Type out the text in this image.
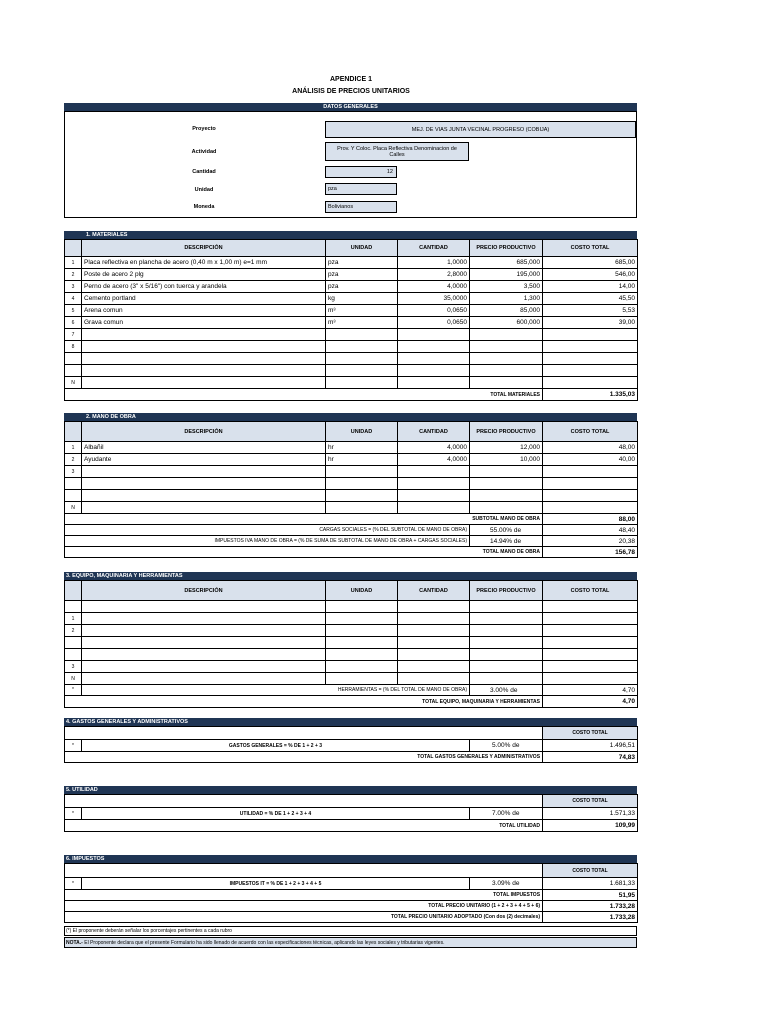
APENDICE 1
ANÁLISIS DE PRECIOS UNITARIOS
DATOS GENERALES
Proyecto	MEJ. DE VIAS JUNTA VECINAL PROGRESO (COBIJA)
Actividad
Prov. Y Coloc. Placa Reflectiva Denominacion de Calles
Cantidad	12
Unidad	pza
Moneda	Bolivianos
1. MATERIALES
	DESCRIPCIÓN	UNIDAD	CANTIDAD	PRECIO PRODUCTIVO	COSTO TOTAL
1	Placa reflectiva en plancha de acero (0,40 m x 1,00 m) e=1 mm	pza	1,0000	685,000	685,00
2	Poste de acero 2 plg	pza	2,8000	195,000	546,00
3	Perno de acero (3" x 5/16") con tuerca y arandela	pza	4,0000	3,500	14,00
4	Cemento portland	kg	35,0000	1,300	45,50
5	Arena comun	m³	0,0650	85,000	5,53
6	Grava comun	m³	0,0650	600,000	39,00
7					
8					

N					
TOTAL MATERIALES					1.335,03
2. MANO DE OBRA
	DESCRIPCIÓN	UNIDAD	CANTIDAD	PRECIO PRODUCTIVO	COSTO TOTAL
1	Albañil	hr	4,0000	12,000	48,00
2	Ayudante	hr	4,0000	10,000	40,00
3					

N					
SUBTOTAL MANO DE OBRA					88,00
CARGAS SOCIALES = (% DEL SUBTOTAL DE MANO DE OBRA)				55.00% de	48,40
IMPUESTOS IVA MANO DE OBRA = (% DE SUMA DE SUBTOTAL DE MANO DE OBRA + CARGAS SOCIALES)				14.94% de	20,38
TOTAL MANO DE OBRA					156,78
3. EQUIPO, MAQUINARIA Y HERRAMIENTAS
	DESCRIPCIÓN	UNIDAD	CANTIDAD	PRECIO PRODUCTIVO	COSTO TOTAL

1					
2					

3					
N					
*	HERRAMIENTAS = (% DEL TOTAL DE MANO DE OBRA)			3.00% de	4,70
TOTAL EQUIPO, MAQUINARIA Y HERRAMIENTAS					4,70
4. GASTOS GENERALES Y ADMINISTRATIVOS
			COSTO TOTAL
*	GASTOS GENERALES = % DE 1 + 2 + 3	5.00% de	1.496,51
TOTAL GASTOS GENERALES Y ADMINISTRATIVOS			74,83
5. UTILIDAD
			COSTO TOTAL
*	UTILIDAD = % DE 1 + 2 + 3 + 4	7.00% de	1.571,33
TOTAL UTILIDAD			109,99
6. IMPUESTOS
			COSTO TOTAL
*	IMPUESTOS IT = % DE 1 + 2 + 3 + 4 + 5	3.09% de	1.681,33
TOTAL IMPUESTOS			51,95
TOTAL PRECIO UNITARIO (1 + 2 + 3 + 4 + 5 + 6)			1.733,28
TOTAL PRECIO UNITARIO ADOPTADO (Con dos (2) decimales)			1.733,28
(*) El proponente deberán señalar los porcentajes pertinentes a cada rubro
NOTA.- El Proponente declara que el presente Formulario ha sido llenado de acuerdo con las especificaciones técnicas, aplicando las leyes sociales y tributarias vigentes.
